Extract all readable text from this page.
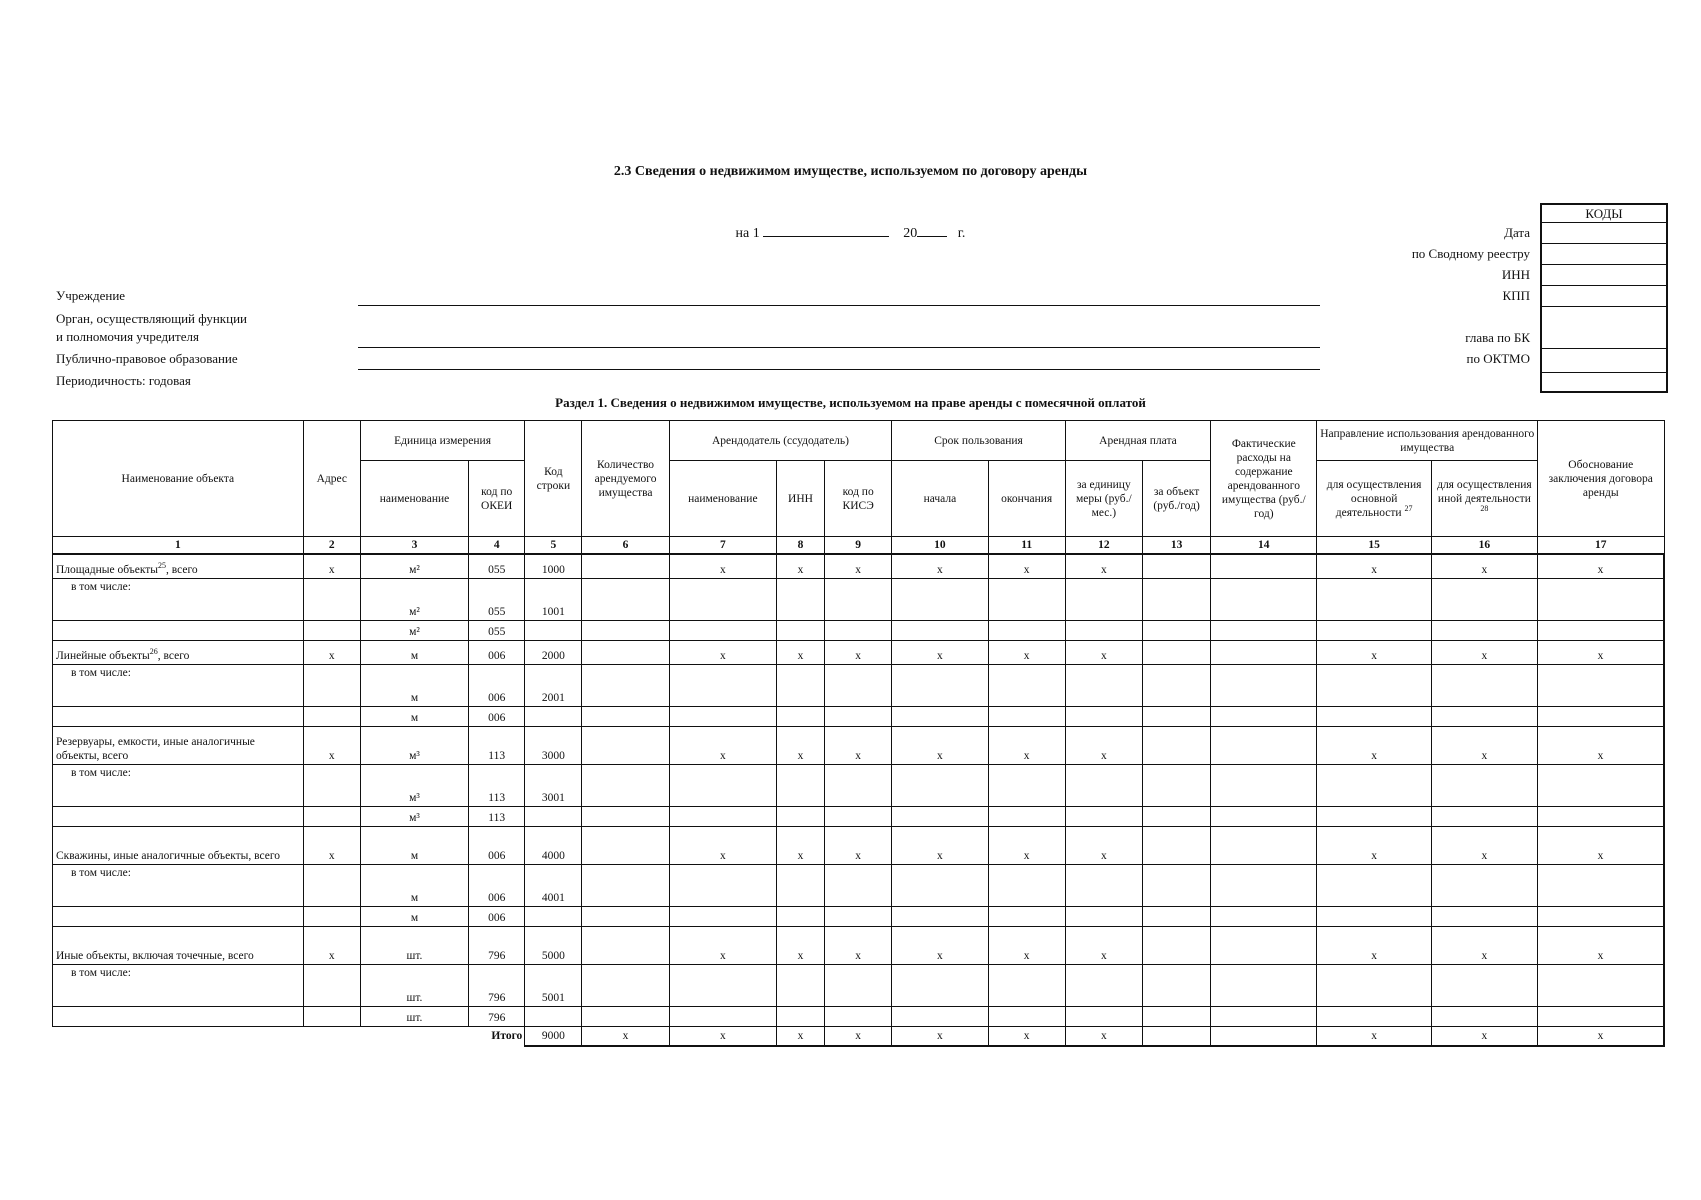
2.3 Сведения о недвижимом имуществе, используемом по договору аренды
на 1	20	г.
КОДЫ
Дата
по Сводному реестру
ИНН
КПП
глава по БК
по ОКТМО
Учреждение
Орган, осуществляющий функции
и полномочия учредителя
Публично-правовое образование
Периодичность: годовая
Раздел 1. Сведения о недвижимом имуществе, используемом на праве аренды с помесячной оплатой
Наименование объекта	Адрес	Единица измерения		Код строки	Количество арендуемого имущества	Арендодатель (ссудодатель)			Срок пользования		Арендная плата		Фактические расходы на содержание арендованного имущества (руб./год)	Направление использования арендованного имущества		Обоснование заключения договора аренды
		наименование	код по ОКЕИ			наименование	ИНН	код по КИСЭ	начала	окончания	за единицу меры (руб./мес.)	за объект (руб./год)		для осуществления основной деятельности $^{27}$	для осуществления иной деятельности $^{28}$
1	2	3	4	5	6	7	8	9	10	11	12	13	14	15	16	17
Площадные объекты$^{25}$, всего	х	м²	055	1000		х	х	х	х	х	х			х	х	х
в том числе:		м²	055	1001												
		м²	055													
Линейные объекты$^{26}$, всего	х	м	006	2000		х	х	х	х	х	х			х	х	х
в том числе:		м	006	2001												
		м	006													
Резервуары, емкости, иные аналогичные объекты, всего	х	м³	113	3000		х	х	х	х	х	х			х	х	х
в том числе:		м³	113	3001												
		м³	113													
Скважины, иные аналогичные объекты, всего	х	м	006	4000		х	х	х	х	х	х			х	х	х
в том числе:		м	006	4001												
		м	006													
Иные объекты, включая точечные, всего	х	шт.	796	5000		х	х	х	х	х	х			х	х	х
в том числе:		шт.	796	5001												
		шт.	796													
Итого				9000	х	х	х	х	х	х	х			х	х	х
